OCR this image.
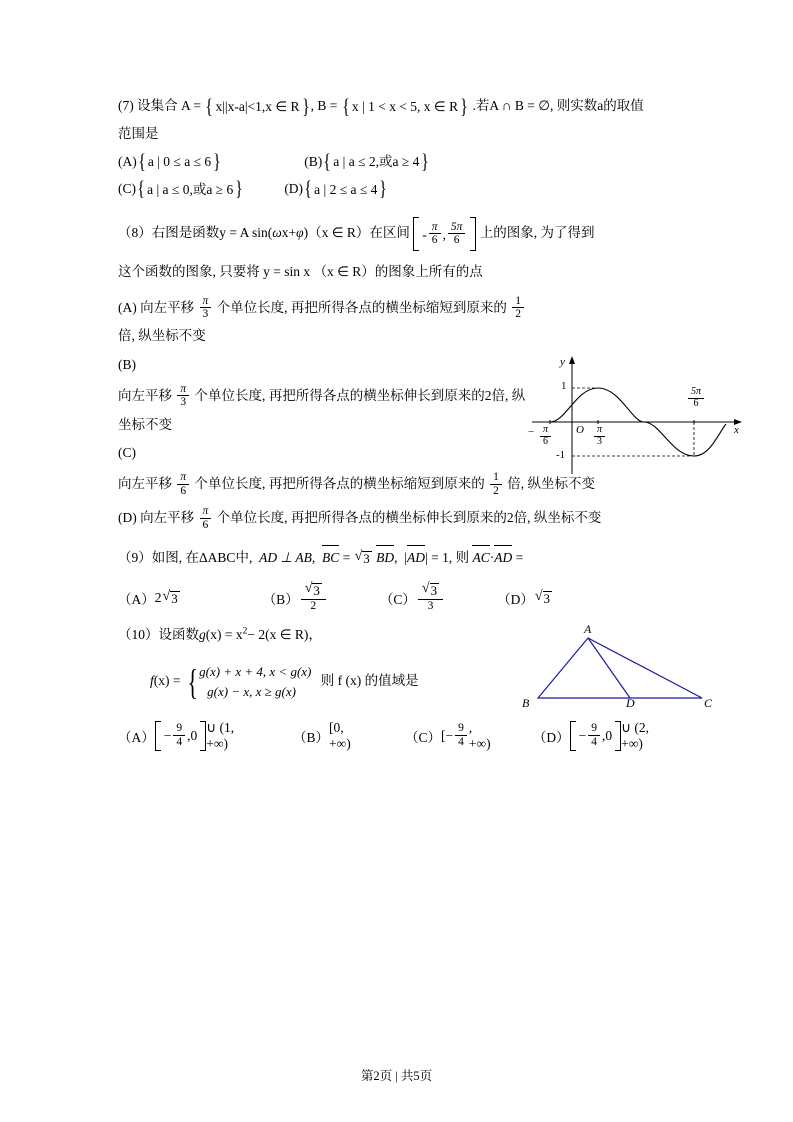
(7) 设集合 A = { x||x-a|<1,x ∈ R } , B = { x | 1 < x < 5, x ∈ R } .若A ∩ B = ∅, 则实数a的取值
范围是
(A) { a | 0 ≤ a ≤ 6 }	(B) { a | a ≤ 2,或a ≥ 4 }
(C) { a | a ≤ 0,或a ≥ 6 }	(D) { a | 2 ≤ a ≤ 4 }
（8）右图是函数y = A sin(ωx+φ)（x ∈ R）在区间 - $\frac{\pi}{6}$ , $\frac{5\pi}{6}$ 上的图象, 为了得到
这个函数的图象, 只要将 y = sin x （x ∈ R）的图象上所有的点
(A) 向左平移 $\frac{\pi}{3}$ 个单位长度, 再把所得各点的横坐标缩短到原来的 $\frac{1}{2}$
倍, 纵坐标不变
(B)
向左平移 $\frac{\pi}{3}$ 个单位长度, 再把所得各点的横坐标伸长到原来的2倍, 纵
坐标不变
(C)
向左平移 $\frac{\pi}{6}$ 个单位长度, 再把所得各点的横坐标缩短到原来的 $\frac{1}{2}$ 倍, 纵坐标不变
(D) 向左平移 $\frac{\pi}{6}$ 个单位长度, 再把所得各点的横坐标伸长到原来的2倍, 纵坐标不变
（9）如图, 在ΔABC中, AD ⊥ AB, BC = √ 3 BD, |AD| = 1, 则 AC·AD =
（A） 2 √ 3	$(B) \frac{√ 3}{2}$	$(C) \frac{√ 3}{3}$	（D） √ 3
（10）设函数$g(x) = x^2- 2(x$ ∈ R)，
f(x) = { g(x) + x + 4, x < g(x)
g(x) − x, x ≥ g(x)
则 f (x) 的值域是
$(A) - \frac{9}{4} ,0$
∪ (1, +∞)	（B）
[0, +∞)	（C） [− $\frac{9}{4}$ , +∞)	$(D) - \frac{9}{4} ,0$
∪ (2, +∞)
y
x
O
1
-1
− $\frac{\pi}{6}$	$\frac{\pi}{3}$
$\frac{5\pi}{6}$
A
B	D	C
第2页 | 共5页
